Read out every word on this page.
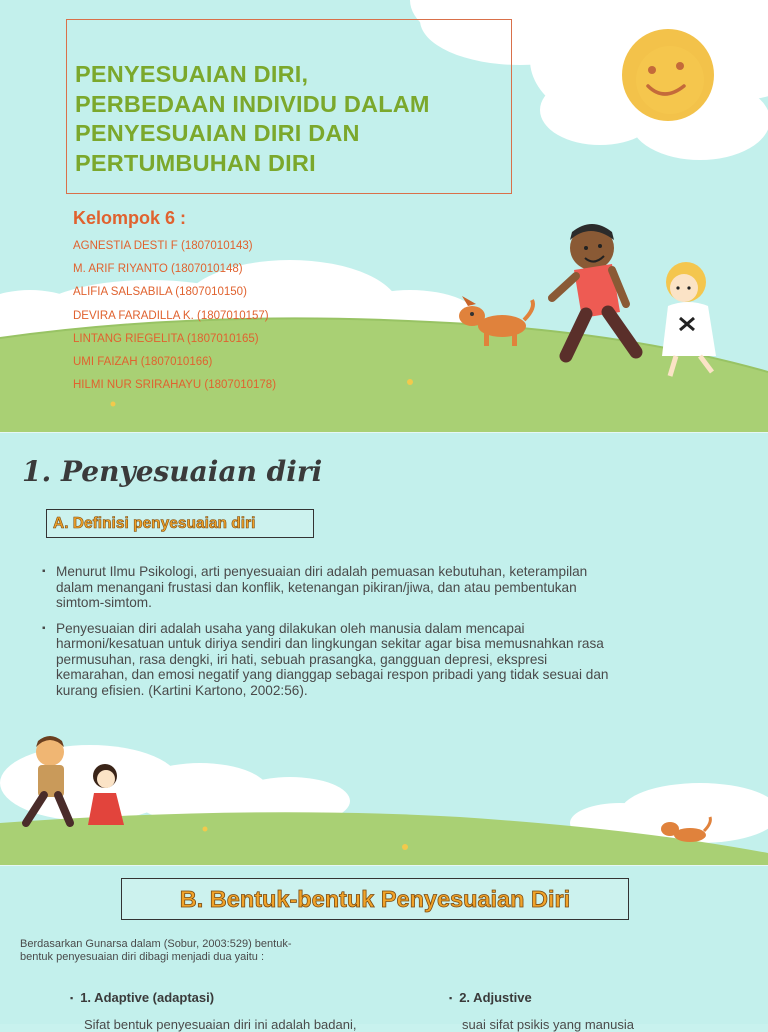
PENYESUAIAN DIRI,
PERBEDAAN INDIVIDU DALAM
PENYESUAIAN DIRI DAN
PERTUMBUHAN DIRI
Kelompok 6 :
AGNESTIA DESTI F (1807010143)
M. ARIF RIYANTO (1807010148)
ALIFIA SALSABILA (1807010150)
DEVIRA FARADILLA K. (1807010157)
LINTANG RIEGELITA (1807010165)
UMI FAIZAH (1807010166)
HILMI NUR SRIRAHAYU (1807010178)
1. Penyesuaian diri
A. Definisi penyesuaian diri
▪ Menurut Ilmu Psikologi, arti penyesuaian diri adalah pemuasan kebutuhan, keterampilan dalam menangani frustasi dan konflik, ketenangan pikiran/jiwa, dan atau pembentukan simtom-simtom.
▪ Penyesuaian diri adalah usaha yang dilakukan oleh manusia dalam mencapai harmoni/kesatuan untuk diriya sendiri dan lingkungan sekitar agar bisa memusnahkan rasa permusuhan, rasa dengki, iri hati, sebuah prasangka, gangguan depresi, ekspresi kemarahan, dan emosi negatif yang dianggap sebagai respon pribadi yang tidak sesuai dan kurang efisien. (Kartini Kartono, 2002:56).
B. Bentuk-bentuk Penyesuaian Diri

Berdasarkan Gunarsa dalam (Sobur, 2003:529) bentuk-bentuk penyesuaian diri dibagi menjadi dua yaitu :

▪ 1. Adaptive (adaptasi)	▪ 2. Adjustive
Sifat bentuk penyesuaian diri ini adalah badani,	suai sifat psikis yang manusia
